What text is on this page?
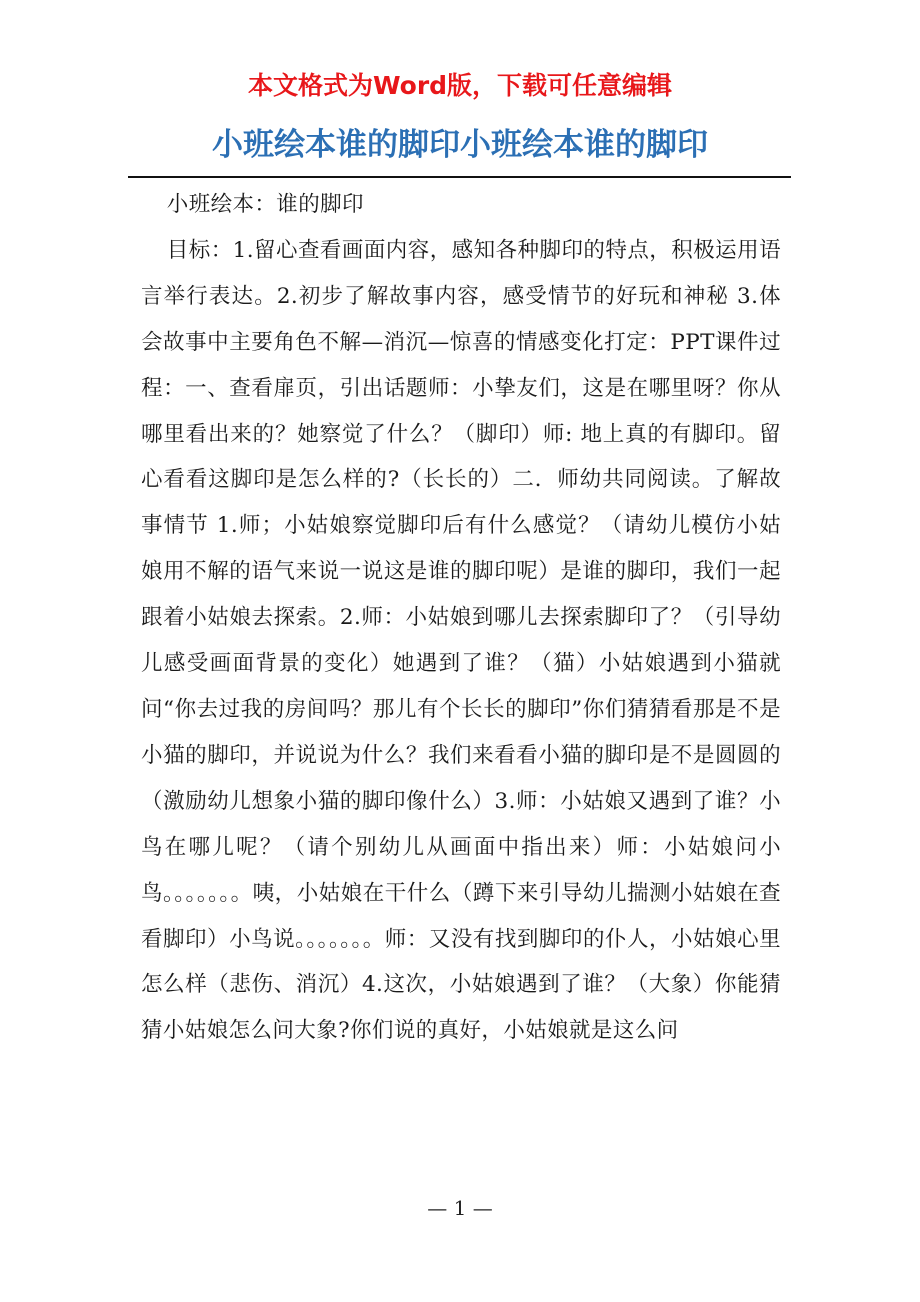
本文格式为Word版，下载可任意编辑
小班绘本谁的脚印小班绘本谁的脚印

小班绘本：谁的脚印

目标：1.留心查看画面内容，感知各种脚印的特点，积极运用语言举行表达。2.初步了解故事内容，感受情节的好玩和神秘 3.体会故事中主要角色不解—消沉—惊喜的情感变化打定：PPT课件过程：一、查看扉页，引出话题师：小挚友们，这是在哪里呀？你从哪里看出来的？她察觉了什么？（脚印）师: 地上真的有脚印。留心看看这脚印是怎么样的?（长长的）二．师幼共同阅读。了解故事情节 1.师；小姑娘察觉脚印后有什么感觉？（请幼儿模仿小姑娘用不解的语气来说一说这是谁的脚印呢）是谁的脚印，我们一起跟着小姑娘去探索。2.师：小姑娘到哪儿去探索脚印了？（引导幼儿感受画面背景的变化）她遇到了谁？（猫）小姑娘遇到小猫就问“你去过我的房间吗？那儿有个长长的脚印”你们猜猜看那是不是小猫的脚印，并说说为什么？我们来看看小猫的脚印是不是圆圆的（激励幼儿想象小猫的脚印像什么）3.师：小姑娘又遇到了谁？小鸟在哪儿呢？（请个别幼儿从画面中指出来）师：小姑娘问小鸟。。。。。。。咦，小姑娘在干什么（蹲下来引导幼儿揣测小姑娘在查看脚印）小鸟说。。。。。。。师：又没有找到脚印的仆人，小姑娘心里怎么样（悲伤、消沉）4.这次，小姑娘遇到了谁？（大象）你能猜猜小姑娘怎么问大象?你们说的真好，小姑娘就是这么问

— 1 —
